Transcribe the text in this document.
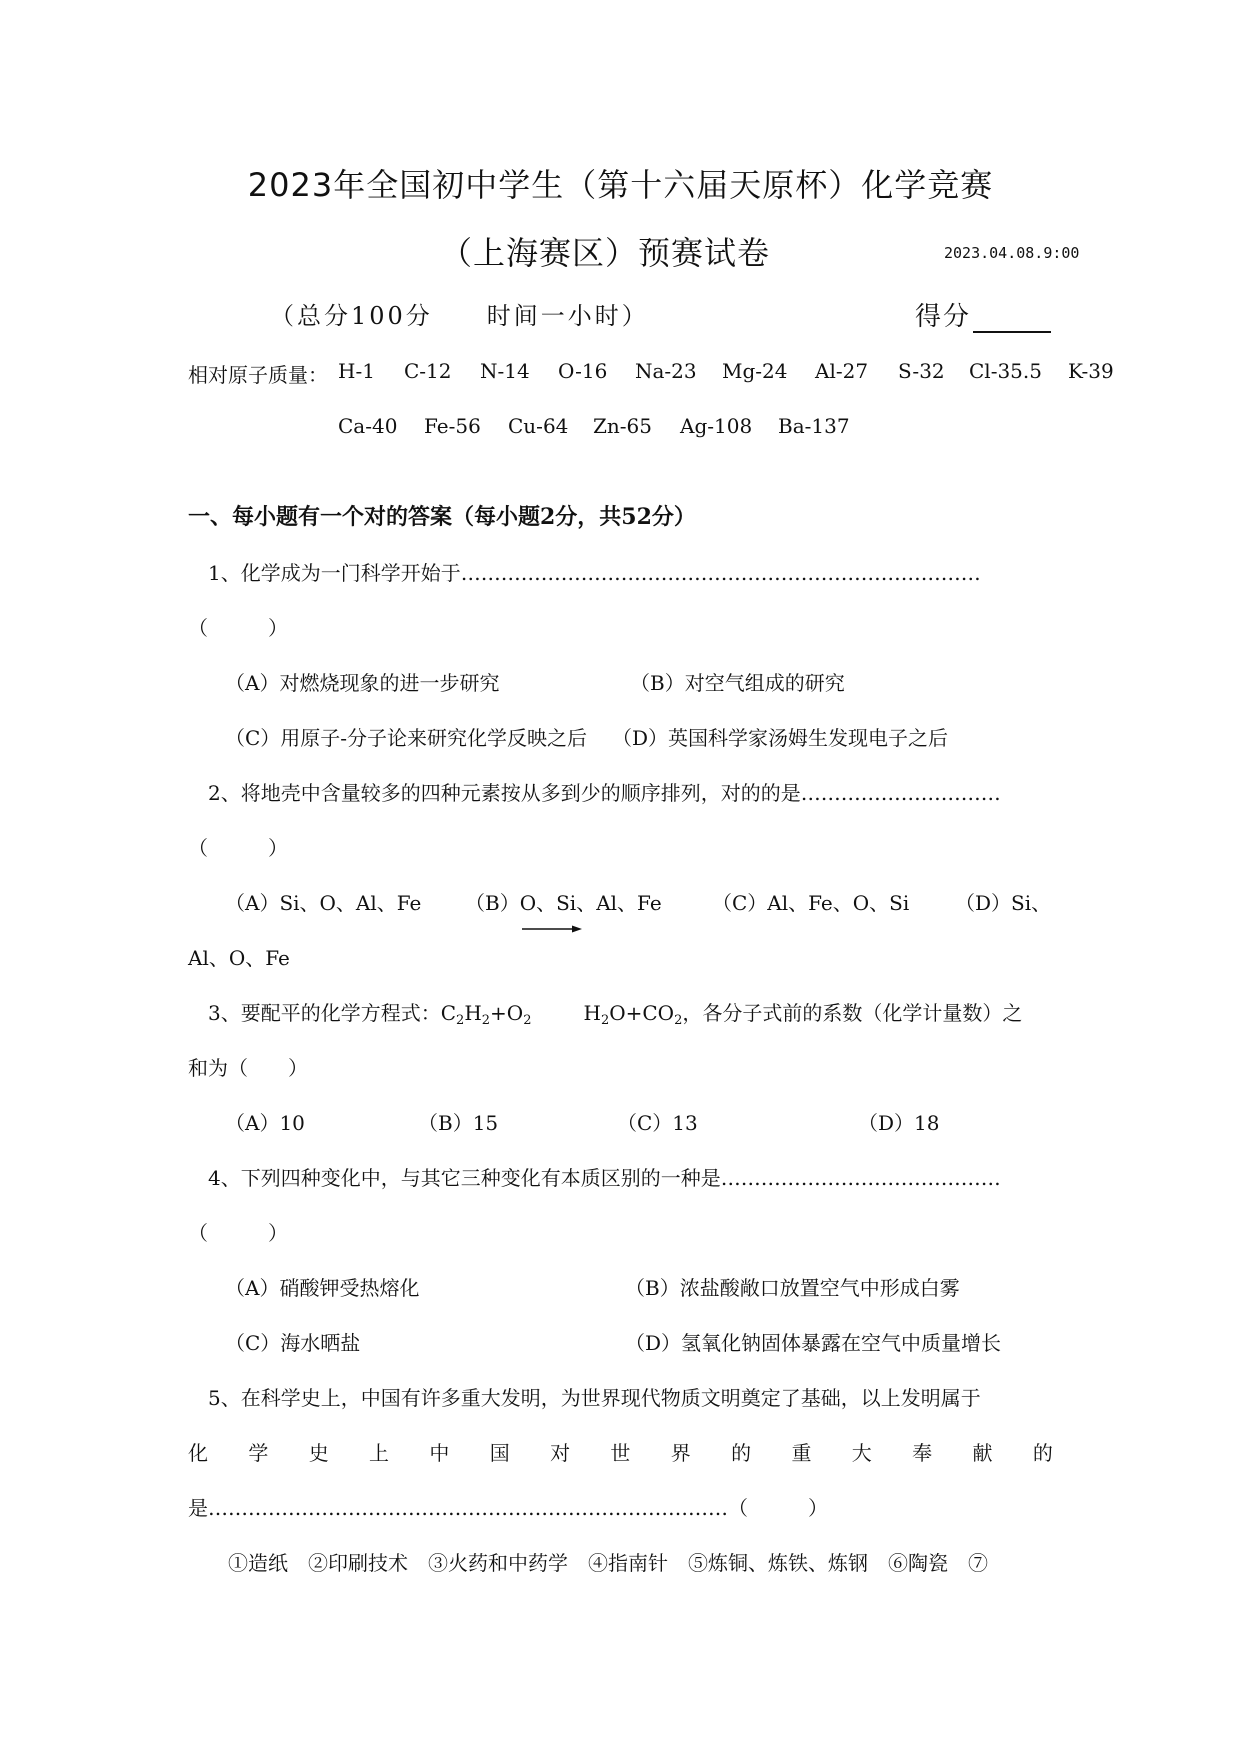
2023年全国初中学生（第十六届天原杯）化学竞赛
（上海赛区）预赛试卷	2023.04.08.9:00
（总分100分　　时间一小时）	得分
相对原子质量： H-1 C-12 N-14 O-16 Na-23 Mg-24 Al-27 S-32 Cl-35.5 K-39
Ca-40 Fe-56 Cu-64 Zn-65 Ag-108 Ba-137
一、每小题有一个对的答案（每小题2分，共52分）
1、化学成为一门科学开始于……………………………………………………………………
（　　　）
（A）对燃烧现象的进一步研究	（B）对空气组成的研究
（C）用原子-分子论来研究化学反映之后 （D）英国科学家汤姆生发现电子之后
2、将地壳中含量较多的四种元素按从多到少的顺序排列，对的的是…………………………
（　　　）
（A）Si、O、Al、Fe （B）O、Si、Al、Fe	（C）Al、Fe、O、Si （D）Si、
Al、O、Fe
3、要配平的化学方程式：$C_2H_2+O_2$	$H_2O+CO_2$，各分子式前的系数（化学计量数）之
和为（　　）
（A）10	（B）15	（C）13	（D）18
4、下列四种变化中，与其它三种变化有本质区别的一种是……………………………………
（　　　）
（A）硝酸钾受热熔化	（B）浓盐酸敞口放置空气中形成白雾
（C）海水晒盐	（D）氢氧化钠固体暴露在空气中质量增长
5、在科学史上，中国有许多重大发明，为世界现代物质文明奠定了基础，以上发明属于
化 学 史 上 中 国 对 世 界 的 重 大 奉 献 的
是……………………………………………………………………（　　　）
①造纸　②印刷技术　③火药和中药学　④指南针　⑤炼铜、炼铁、炼钢　⑥陶瓷　⑦
